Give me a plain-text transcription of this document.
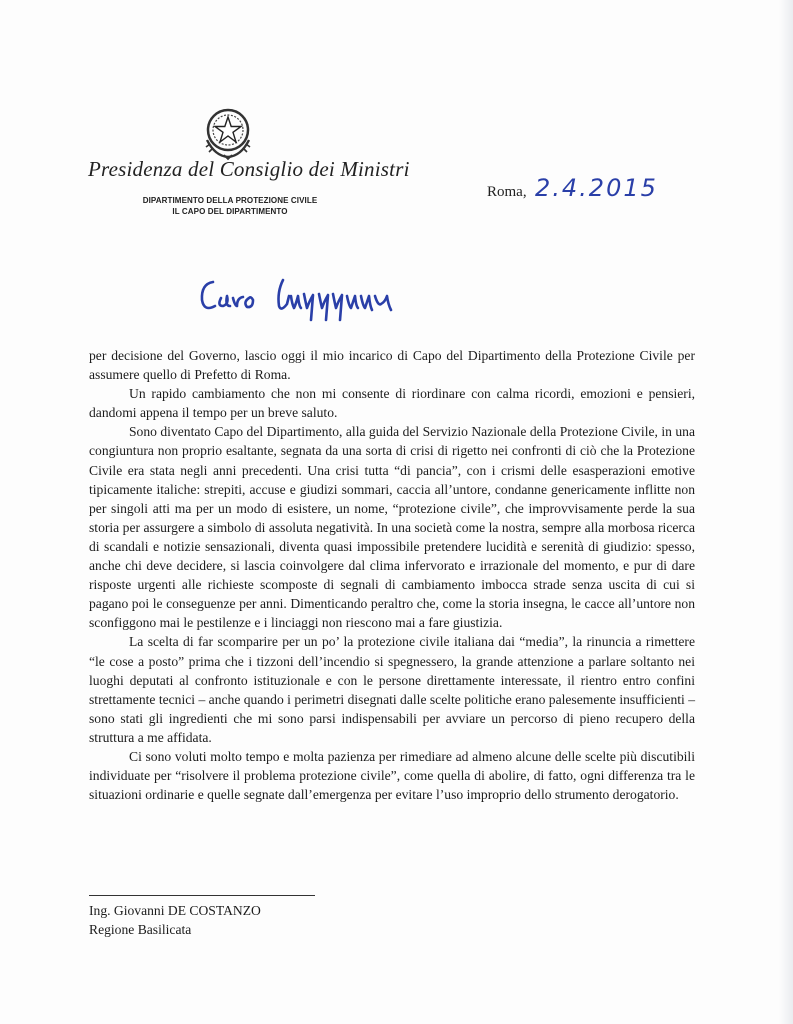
Presidenza del Consiglio dei Ministri
DIPARTIMENTO DELLA PROTEZIONE CIVILE
IL CAPO DEL DIPARTIMENTO
Roma, 2.4.2015

per decisione del Governo, lascio oggi il mio incarico di Capo del Dipartimento della Protezione Civile per assumere quello di Prefetto di Roma.

Un rapido cambiamento che non mi consente di riordinare con calma ricordi, emozioni e pensieri, dandomi appena il tempo per un breve saluto.

Sono diventato Capo del Dipartimento, alla guida del Servizio Nazionale della Protezione Civile, in una congiuntura non proprio esaltante, segnata da una sorta di crisi di rigetto nei confronti di ciò che la Protezione Civile era stata negli anni precedenti. Una crisi tutta “di pancia”, con i crismi delle esasperazioni emotive tipicamente italiche: strepiti, accuse e giudizi sommari, caccia all’untore, condanne genericamente inflitte non per singoli atti ma per un modo di esistere, un nome, “protezione civile”, che improvvisamente perde la sua storia per assurgere a simbolo di assoluta negatività. In una società come la nostra, sempre alla morbosa ricerca di scandali e notizie sensazionali, diventa quasi impossibile pretendere lucidità e serenità di giudizio: spesso, anche chi deve decidere, si lascia coinvolgere dal clima infervorato e irrazionale del momento, e pur di dare risposte urgenti alle richieste scomposte di segnali di cambiamento imbocca strade senza uscita di cui si pagano poi le conseguenze per anni. Dimenticando peraltro che, come la storia insegna, le cacce all’untore non sconfiggono mai le pestilenze e i linciaggi non riescono mai a fare giustizia.

La scelta di far scomparire per un po’ la protezione civile italiana dai “media”, la rinuncia a rimettere “le cose a posto” prima che i tizzoni dell’incendio si spegnessero, la grande attenzione a parlare soltanto nei luoghi deputati al confronto istituzionale e con le persone direttamente interessate, il rientro entro confini strettamente tecnici – anche quando i perimetri disegnati dalle scelte politiche erano palesemente insufficienti – sono stati gli ingredienti che mi sono parsi indispensabili per avviare un percorso di pieno recupero della struttura a me affidata.

Ci sono voluti molto tempo e molta pazienza per rimediare ad almeno alcune delle scelte più discutibili individuate per “risolvere il problema protezione civile”, come quella di abolire, di fatto, ogni differenza tra le situazioni ordinarie e quelle segnate dall’emergenza per evitare l’uso improprio dello strumento derogatorio.

Ing. Giovanni DE COSTANZO
Regione Basilicata
